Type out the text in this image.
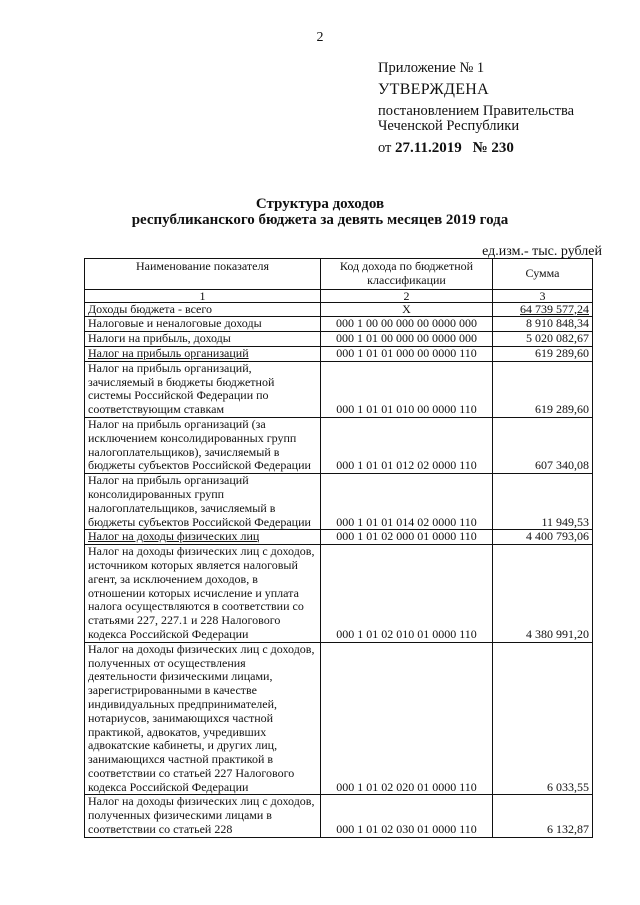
2
Приложение № 1
УТВЕРЖДЕНА
постановлением Правительства
Чеченской Республики
от 27.11.2019 № 230
Структура доходов
республиканского бюджета за девять месяцев 2019 года
ед.изм.- тыс. рублей
Наименование показателя	Код дохода по бюджетной классификации	Сумма
1	2	3
Доходы бюджета - всего	X	64 739 577,24
Налоговые и неналоговые доходы	000 1 00 00 000 00 0000 000	8 910 848,34
Налоги на прибыль, доходы	000 1 01 00 000 00 0000 000	5 020 082,67
Налог на прибыль организаций	000 1 01 01 000 00 0000 110	619 289,60
Налог на прибыль организаций, зачисляемый в бюджеты бюджетной системы Российской Федерации по соответствующим ставкам	000 1 01 01 010 00 0000 110	619 289,60
Налог на прибыль организаций (за исключением консолидированных групп налогоплательщиков), зачисляемый в бюджеты субъектов Российской Федерации	000 1 01 01 012 02 0000 110	607 340,08
Налог на прибыль организаций консолидированных групп налогоплательщиков, зачисляемый в бюджеты субъектов Российской Федерации	000 1 01 01 014 02 0000 110	11 949,53
Налог на доходы физических лиц	000 1 01 02 000 01 0000 110	4 400 793,06
Налог на доходы физических лиц с доходов, источником которых является налоговый агент, за исключением доходов, в отношении которых исчисление и уплата налога осуществляются в соответствии со статьями 227, 227.1 и 228 Налогового кодекса Российской Федерации	000 1 01 02 010 01 0000 110	4 380 991,20
Налог на доходы физических лиц с доходов, полученных от осуществления деятельности физическими лицами, зарегистрированными в качестве индивидуальных предпринимателей, нотариусов, занимающихся частной практикой, адвокатов, учредивших адвокатские кабинеты, и других лиц, занимающихся частной практикой в соответствии со статьей 227 Налогового кодекса Российской Федерации	000 1 01 02 020 01 0000 110	6 033,55
Налог на доходы физических лиц с доходов, полученных физическими лицами в соответствии со статьей 228	000 1 01 02 030 01 0000 110	6 132,87
